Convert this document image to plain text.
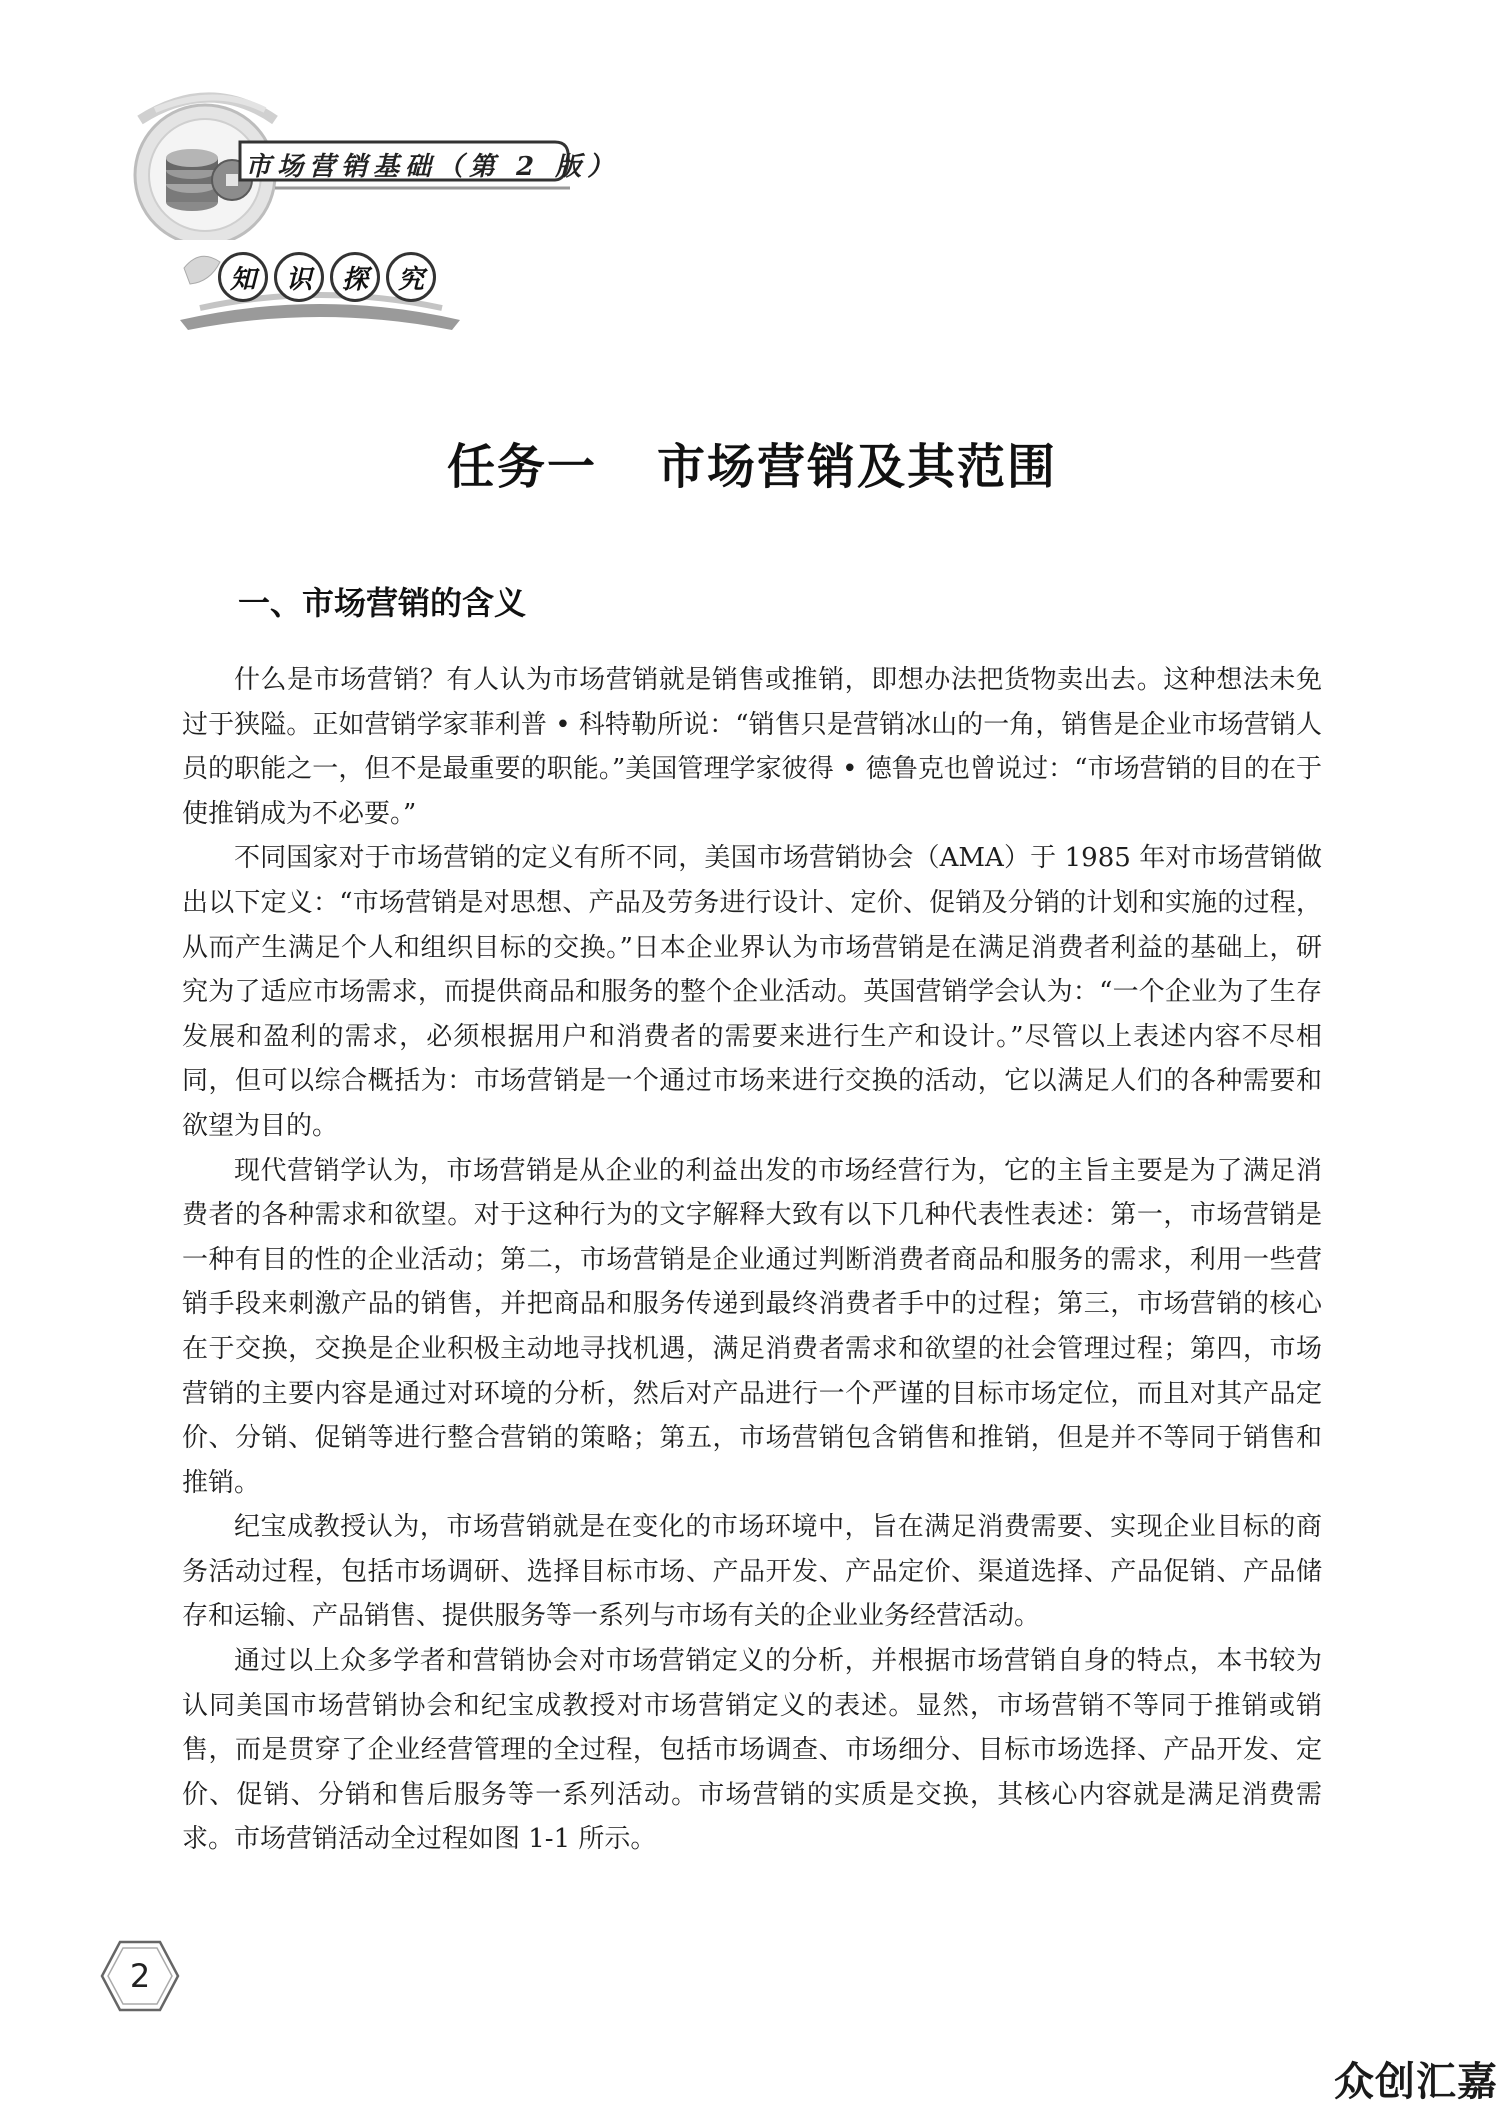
市场营销基础（第 2 版）
知	识	探	究
任务一 市场营销及其范围
一、市场营销的含义

什么是市场营销？有人认为市场营销就是销售或推销，即想办法把货物卖出去。这种想法未免过于狭隘。正如营销学家菲利普 • 科特勒所说：“销售只是营销冰山的一角，销售是企业市场营销人员的职能之一，但不是最重要的职能。”美国管理学家彼得 • 德鲁克也曾说过：“市场营销的目的在于使推销成为不必要。”

不同国家对于市场营销的定义有所不同，美国市场营销协会（AMA）于 1985 年对市场营销做出以下定义：“市场营销是对思想、产品及劳务进行设计、定价、促销及分销的计划和实施的过程，从而产生满足个人和组织目标的交换。”日本企业界认为市场营销是在满足消费者利益的基础上，研究为了适应市场需求，而提供商品和服务的整个企业活动。英国营销学会认为：“一个企业为了生存发展和盈利的需求，必须根据用户和消费者的需要来进行生产和设计。”尽管以上表述内容不尽相同，但可以综合概括为：市场营销是一个通过市场来进行交换的活动，它以满足人们的各种需要和欲望为目的。

现代营销学认为，市场营销是从企业的利益出发的市场经营行为，它的主旨主要是为了满足消费者的各种需求和欲望。对于这种行为的文字解释大致有以下几种代表性表述：第一，市场营销是一种有目的性的企业活动；第二，市场营销是企业通过判断消费者商品和服务的需求，利用一些营销手段来刺激产品的销售，并把商品和服务传递到最终消费者手中的过程；第三，市场营销的核心在于交换，交换是企业积极主动地寻找机遇，满足消费者需求和欲望的社会管理过程；第四，市场营销的主要内容是通过对环境的分析，然后对产品进行一个严谨的目标市场定位，而且对其产品定价、分销、促销等进行整合营销的策略；第五，市场营销包含销售和推销，但是并不等同于销售和推销。

纪宝成教授认为，市场营销就是在变化的市场环境中，旨在满足消费需要、实现企业目标的商务活动过程，包括市场调研、选择目标市场、产品开发、产品定价、渠道选择、产品促销、产品储存和运输、产品销售、提供服务等一系列与市场有关的企业业务经营活动。

通过以上众多学者和营销协会对市场营销定义的分析，并根据市场营销自身的特点，本书较为认同美国市场营销协会和纪宝成教授对市场营销定义的表述。显然，市场营销不等同于推销或销售，而是贯穿了企业经营管理的全过程，包括市场调查、市场细分、目标市场选择、产品开发、定价、促销、分销和售后服务等一系列活动。市场营销的实质是交换，其核心内容就是满足消费需求。市场营销活动全过程如图 1-1 所示。

2
众创汇嘉
